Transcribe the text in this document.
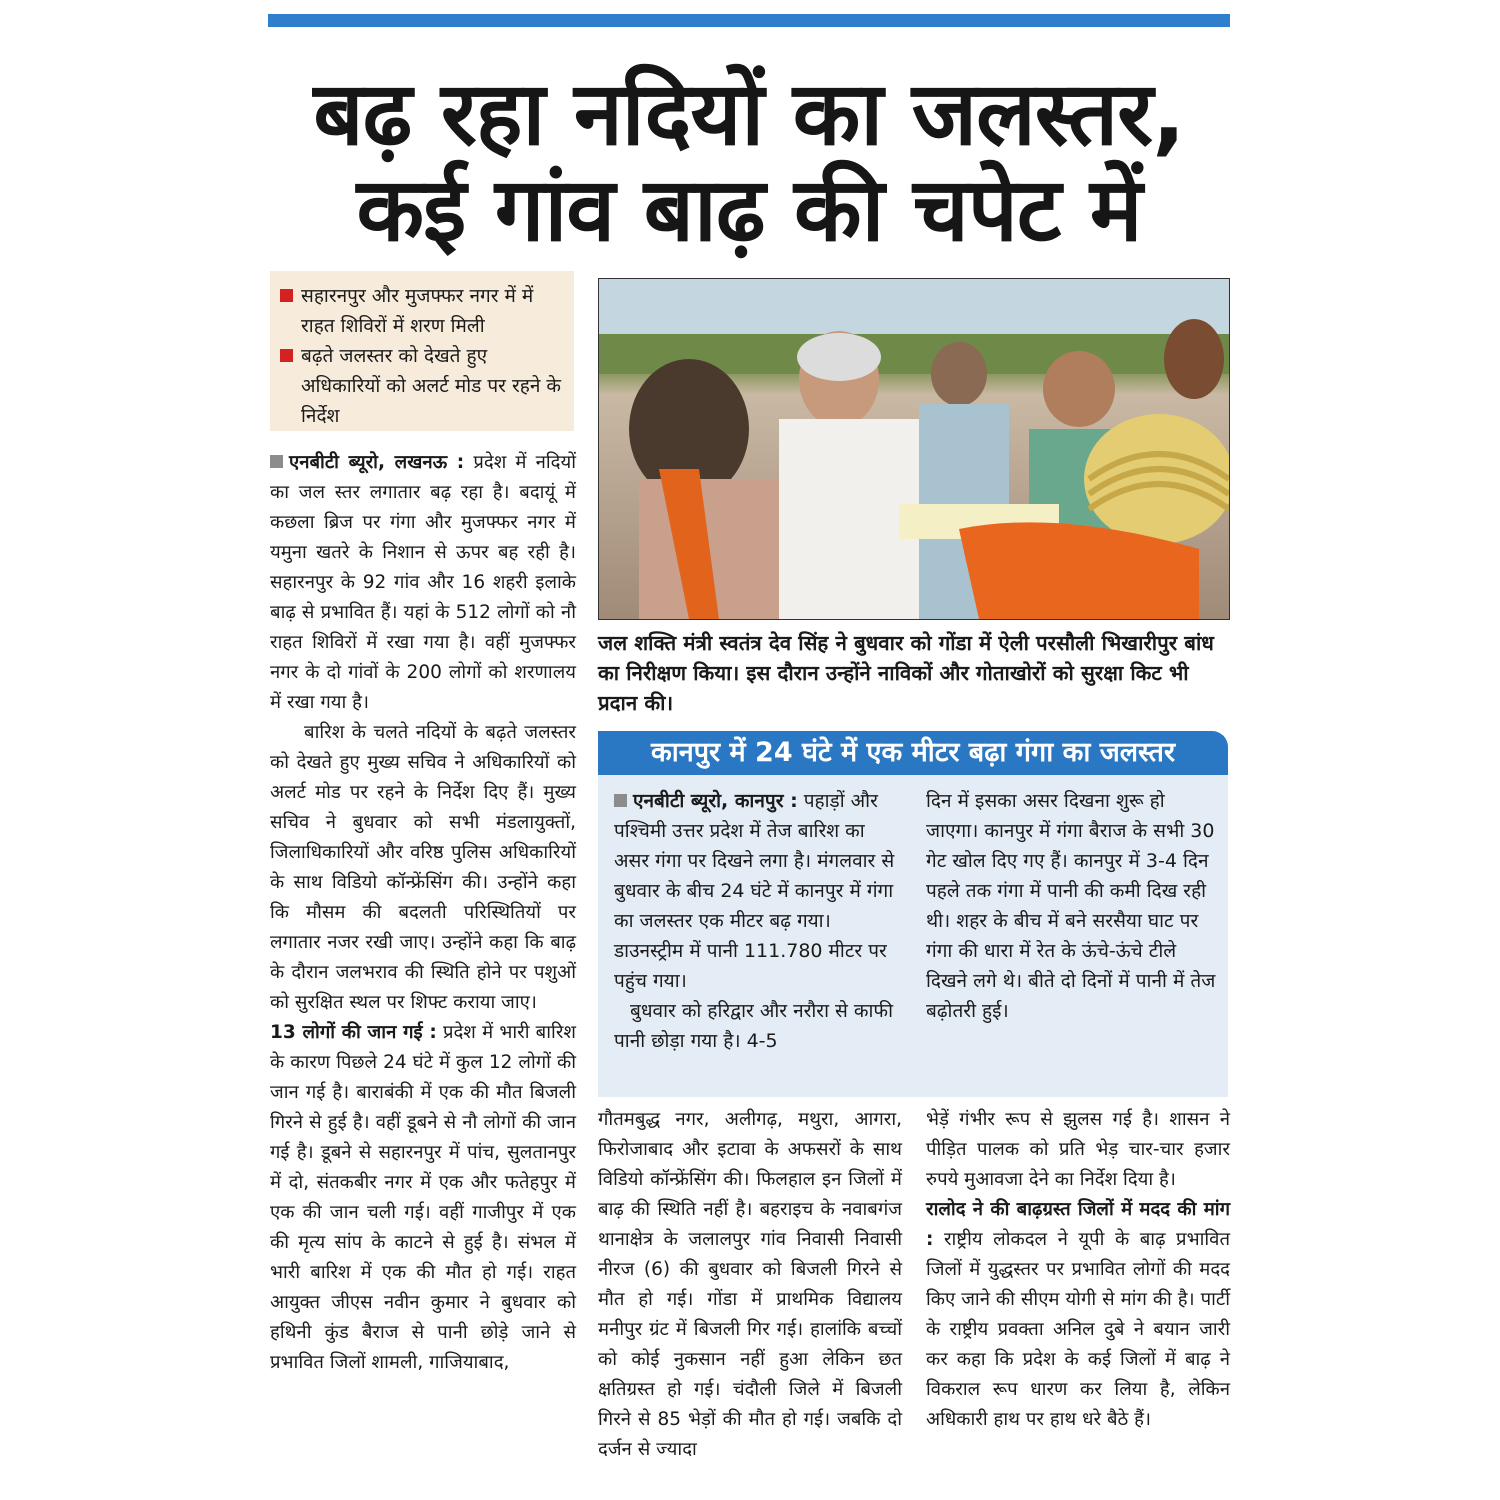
बढ़ रहा नदियों का जलस्तर,
कई गांव बाढ़ की चपेट में
सहारनपुर और मुजफ्फर नगर में में राहत शिविरों में शरण मिली
बढ़ते जलस्तर को देखते हुए अधिकारियों को अलर्ट मोड पर रहने के निर्देश

एनबीटी ब्यूरो, लखनऊ : प्रदेश में नदियों का जल स्तर लगातार बढ़ रहा है। बदायूं में कछला ब्रिज पर गंगा और मुजफ्फर नगर में यमुना खतरे के निशान से ऊपर बह रही है। सहारनपुर के 92 गांव और 16 शहरी इलाके बाढ़ से प्रभावित हैं। यहां के 512 लोगों को नौ राहत शिविरों में रखा गया है। वहीं मुजफ्फर नगर के दो गांवों के 200 लोगों को शरणालय में रखा गया है।

बारिश के चलते नदियों के बढ़ते जलस्तर को देखते हुए मुख्य सचिव ने अधिकारियों को अलर्ट मोड पर रहने के निर्देश दिए हैं। मुख्य सचिव ने बुधवार को सभी मंडलायुक्तों, जिलाधिकारियों और वरिष्ठ पुलिस अधिकारियों के साथ विडियो कॉन्फ्रेंसिंग की। उन्होंने कहा कि मौसम की बदलती परिस्थितियों पर लगातार नजर रखी जाए। उन्होंने कहा कि बाढ़ के दौरान जलभराव की स्थिति होने पर पशुओं को सुरक्षित स्थल पर शिफ्ट कराया जाए।

13 लोगों की जान गई : प्रदेश में भारी बारिश के कारण पिछले 24 घंटे में कुल 12 लोगों की जान गई है। बाराबंकी में एक की मौत बिजली गिरने से हुई है। वहीं डूबने से नौ लोगों की जान गई है। डूबने से सहारनपुर में पांच, सुलतानपुर में दो, संतकबीर नगर में एक और फतेहपुर में एक की जान चली गई। वहीं गाजीपुर में एक की मृत्य सांप के काटने से हुई है। संभल में भारी बारिश में एक की मौत हो गई। राहत आयुक्त जीएस नवीन कुमार ने बुधवार को हथिनी कुंड बैराज से पानी छोड़े जाने से प्रभावित जिलों शामली, गाजियाबाद,

जल शक्ति मंत्री स्वतंत्र देव सिंह ने बुधवार को गोंडा में ऐली परसौली भिखारीपुर बांध का निरीक्षण किया। इस दौरान उन्होंने नाविकों और गोताखोरों को सुरक्षा किट भी प्रदान की।
कानपुर में 24 घंटे में एक मीटर बढ़ा गंगा का जलस्तर

एनबीटी ब्यूरो, कानपुर : पहाड़ों और पश्चिमी उत्तर प्रदेश में तेज बारिश का असर गंगा पर दिखने लगा है। मंगलवार से बुधवार के बीच 24 घंटे में कानपुर में गंगा का जलस्तर एक मीटर बढ़ गया। डाउनस्ट्रीम में पानी 111.780 मीटर पर पहुंच गया।

बुधवार को हरिद्वार और नरौरा से काफी पानी छोड़ा गया है। 4-5

दिन में इसका असर दिखना शुरू हो जाएगा। कानपुर में गंगा बैराज के सभी 30 गेट खोल दिए गए हैं। कानपुर में 3-4 दिन पहले तक गंगा में पानी की कमी दिख रही थी। शहर के बीच में बने सरसैया घाट पर गंगा की धारा में रेत के ऊंचे-ऊंचे टीले दिखने लगे थे। बीते दो दिनों में पानी में तेज बढ़ोतरी हुई।
गौतमबुद्ध नगर, अलीगढ़, मथुरा, आगरा, फिरोजाबाद और इटावा के अफसरों के साथ विडियो कॉन्फ्रेंसिंग की। फिलहाल इन जिलों में बाढ़ की स्थिति नहीं है। बहराइच के नवाबगंज थानाक्षेत्र के जलालपुर गांव निवासी निवासी नीरज (6) की बुधवार को बिजली गिरने से मौत हो गई। गोंडा में प्राथमिक विद्यालय मनीपुर ग्रंट में बिजली गिर गई। हालांकि बच्चों को कोई नुकसान नहीं हुआ लेकिन छत क्षतिग्रस्त हो गई। चंदौली जिले में बिजली गिरने से 85 भेड़ों की मौत हो गई। जबकि दो दर्जन से ज्यादा

भेड़ें गंभीर रूप से झुलस गई है। शासन ने पीड़ित पालक को प्रति भेड़ चार-चार हजार रुपये मुआवजा देने का निर्देश दिया है।

रालोद ने की बाढ़ग्रस्त जिलों में मदद की मांग : राष्ट्रीय लोकदल ने यूपी के बाढ़ प्रभावित जिलों में युद्धस्तर पर प्रभावित लोगों की मदद किए जाने की सीएम योगी से मांग की है। पार्टी के राष्ट्रीय प्रवक्ता अनिल दुबे ने बयान जारी कर कहा कि प्रदेश के कई जिलों में बाढ़ ने विकराल रूप धारण कर लिया है, लेकिन अधिकारी हाथ पर हाथ धरे बैठे हैं।
